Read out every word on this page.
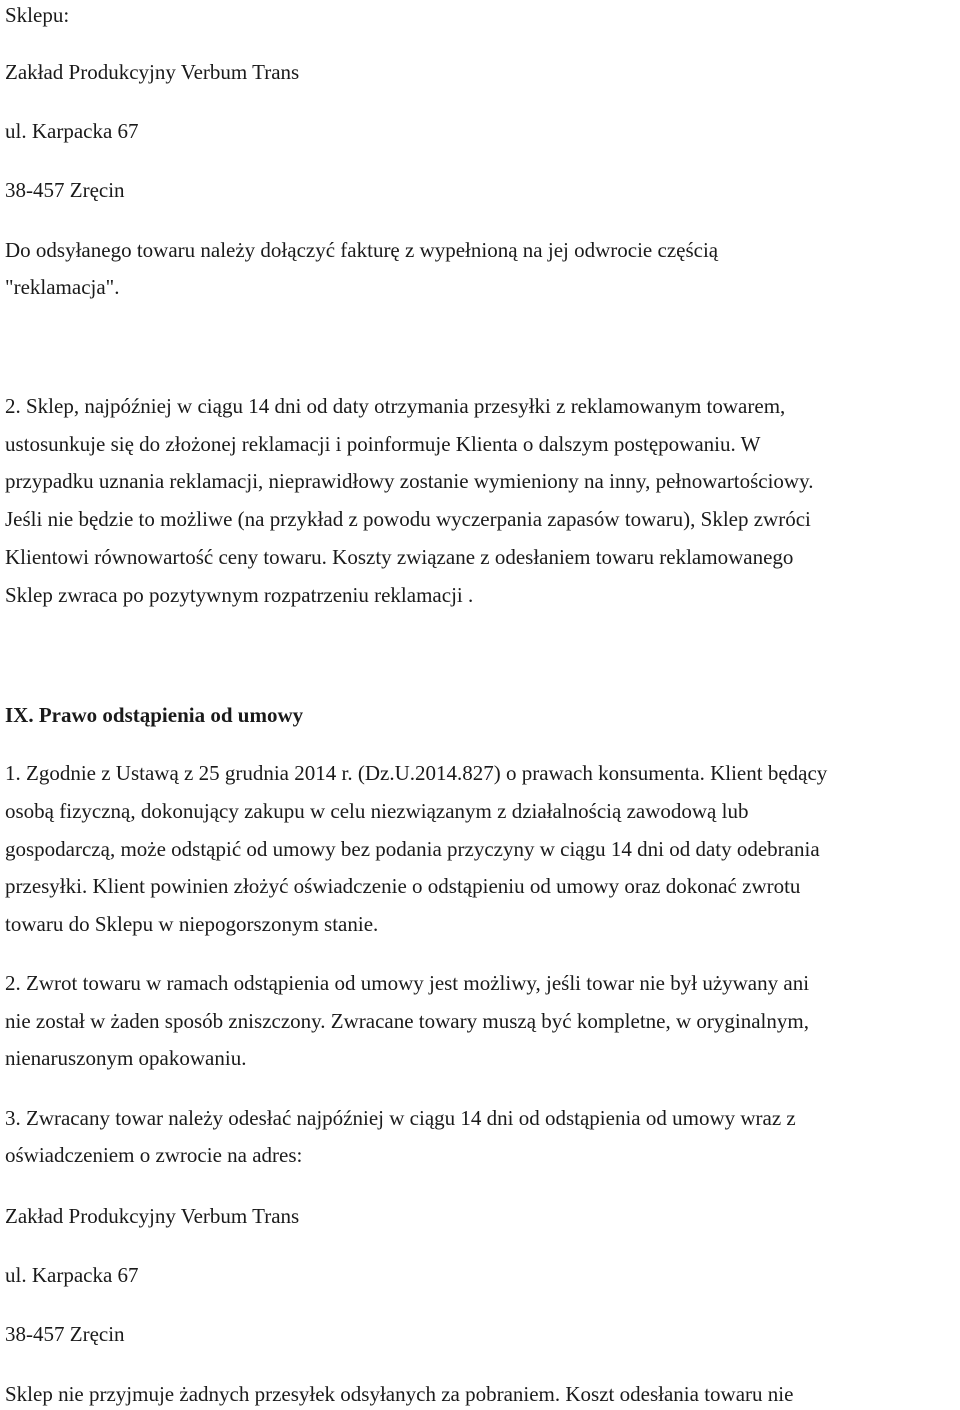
Sklepu:
Zakład Produkcyjny Verbum Trans
ul. Karpacka 67
38-457 Zręcin
Do odsyłanego towaru należy dołączyć fakturę z wypełnioną na jej odwrocie częścią
"reklamacja".
2. Sklep, najpóźniej w ciągu 14 dni od daty otrzymania przesyłki z reklamowanym towarem,
ustosunkuje się do złożonej reklamacji i poinformuje Klienta o dalszym postępowaniu. W
przypadku uznania reklamacji, nieprawidłowy zostanie wymieniony na inny, pełnowartościowy.
Jeśli nie będzie to możliwe (na przykład z powodu wyczerpania zapasów towaru), Sklep zwróci
Klientowi równowartość ceny towaru. Koszty związane z odesłaniem towaru reklamowanego
Sklep zwraca po pozytywnym rozpatrzeniu reklamacji .
IX. Prawo odstąpienia od umowy
1. Zgodnie z Ustawą z 25 grudnia 2014 r. (Dz.U.2014.827) o prawach konsumenta. Klient będący
osobą fizyczną, dokonujący zakupu w celu niezwiązanym z działalnością zawodową lub
gospodarczą, może odstąpić od umowy bez podania przyczyny w ciągu 14 dni od daty odebrania
przesyłki. Klient powinien złożyć oświadczenie o odstąpieniu od umowy oraz dokonać zwrotu
towaru do Sklepu w niepogorszonym stanie.
2. Zwrot towaru w ramach odstąpienia od umowy jest możliwy, jeśli towar nie był używany ani
nie został w żaden sposób zniszczony. Zwracane towary muszą być kompletne, w oryginalnym,
nienaruszonym opakowaniu.
3. Zwracany towar należy odesłać najpóźniej w ciągu 14 dni od odstąpienia od umowy wraz z
oświadczeniem o zwrocie na adres:
Zakład Produkcyjny Verbum Trans
ul. Karpacka 67
38-457 Zręcin
Sklep nie przyjmuje żadnych przesyłek odsyłanych za pobraniem. Koszt odesłania towaru nie
